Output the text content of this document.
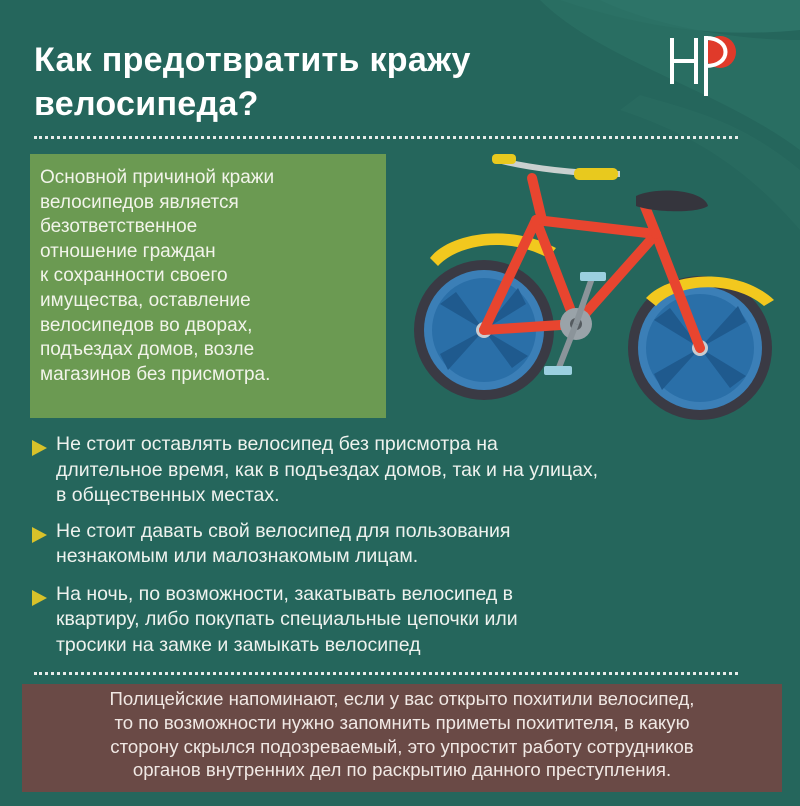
Как предотвратить кражу
велосипеда?

Основной причиной кражи
велосипедов является
безответственное
отношение граждан
к сохранности своего
имущества, оставление
велосипедов во дворах,
подъездах домов, возле
магазинов без присмотра.

Не стоит оставлять велосипед без присмотра на
длительное время, как в подъездах домов, так и на улицах,
в общественных местах.
Не стоит давать свой велосипед для пользования
незнакомым или малознакомым лицам.
На ночь, по возможности, закатывать велосипед в
квартиру, либо покупать специальные цепочки или
тросики на замке и замыкать велосипед

Полицейские напоминают, если у вас открыто похитили велосипед,
то по возможности нужно запомнить приметы похитителя, в какую
сторону скрылся подозреваемый, это упростит работу сотрудников
органов внутренних дел по раскрытию данного преступления.
